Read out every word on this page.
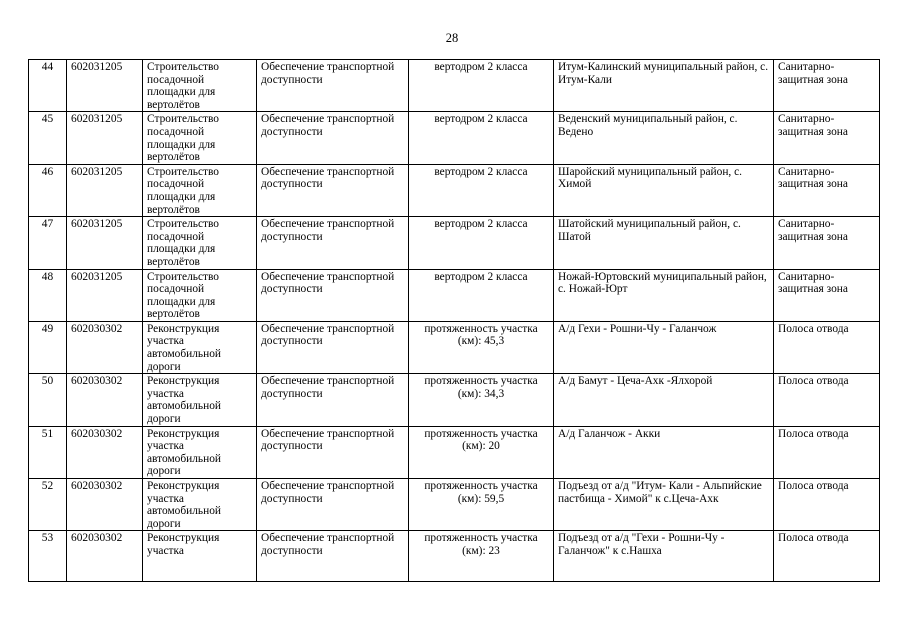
28
44	602031205	Строительство посадочной площадки для вертолётов	Обеспечение транспортной доступности	вертодром 2 класса	Итум-Калинский муниципальный район, с. Итум-Кали	Санитарно-защитная зона
45	602031205	Строительство посадочной площадки для вертолётов	Обеспечение транспортной доступности	вертодром 2 класса	Веденский муниципальный район, с. Ведено	Санитарно-защитная зона
46	602031205	Строительство посадочной площадки для вертолётов	Обеспечение транспортной доступности	вертодром 2 класса	Шаройский муниципальный район, с. Химой	Санитарно-защитная зона
47	602031205	Строительство посадочной площадки для вертолётов	Обеспечение транспортной доступности	вертодром 2 класса	Шатойский муниципальный район, с. Шатой	Санитарно-защитная зона
48	602031205	Строительство посадочной площадки для вертолётов	Обеспечение транспортной доступности	вертодром 2 класса	Ножай-Юртовский муниципальный район, с. Ножай-Юрт	Санитарно-защитная зона
49	602030302	Реконструкция участка автомобильной дороги	Обеспечение транспортной доступности	протяженность участка (км): 45,3	А/д Гехи - Рошни-Чу - Галанчож	Полоса отвода
50	602030302	Реконструкция участка автомобильной дороги	Обеспечение транспортной доступности	протяженность участка (км): 34,3	А/д Бамут - Цеча-Ахк -Ялхорой	Полоса отвода
51	602030302	Реконструкция участка автомобильной дороги	Обеспечение транспортной доступности	протяженность участка (км): 20	А/д Галанчож - Акки	Полоса отвода
52	602030302	Реконструкция участка автомобильной дороги	Обеспечение транспортной доступности	протяженность участка (км): 59,5	Подъезд от а/д "Итум- Кали - Альпийские пастбища - Химой" к с.Цеча-Ахк	Полоса отвода
53	602030302	Реконструкция участка	Обеспечение транспортной доступности	протяженность участка (км): 23	Подъезд от а/д "Гехи - Рошни-Чу - Галанчож" к с.Нашха	Полоса отвода
